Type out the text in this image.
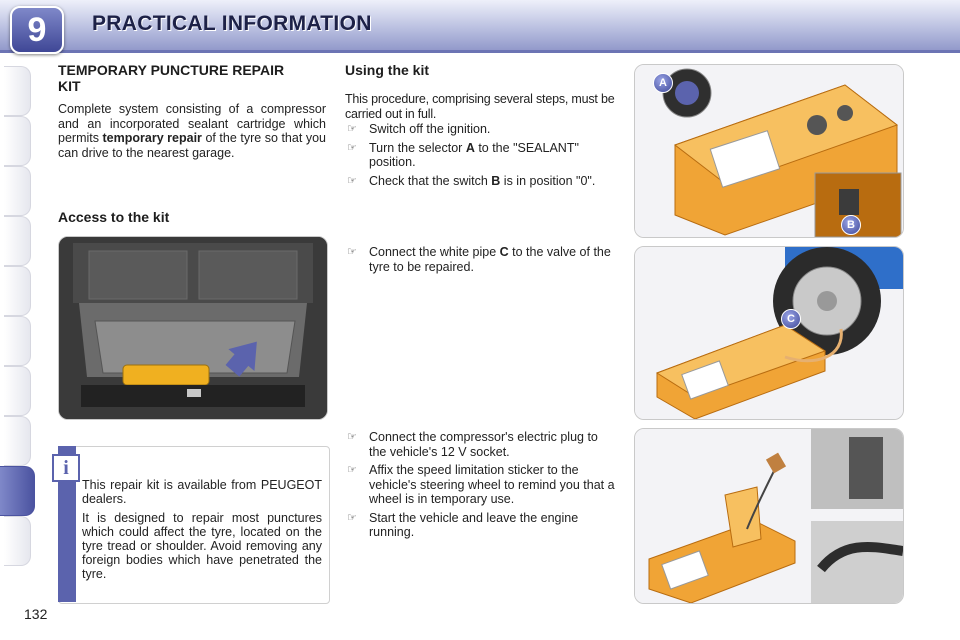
9	PRACTICAL INFORMATION
TEMPORARY PUNCTURE REPAIR KIT
Complete system consisting of a compressor and an incorporated sealant cartridge which permits temporary repair of the tyre so that you can drive to the nearest garage.
Access to the kit
i

This repair kit is available from PEUGEOT dealers.

It is designed to repair most punctures which could affect the tyre, located on the tyre tread or shoulder. Avoid removing any foreign bodies which have penetrated the tyre.

Using the kit
This procedure, comprising several steps, must be carried out in full.
☞ Switch off the ignition.
☞ Turn the selector A to the "SEALANT" position.
☞ Check that the switch B is in position "0".
☞ Connect the white pipe C to the valve of the tyre to be repaired.
☞ Connect the compressor's electric plug to the vehicle's 12 V socket.
☞ Affix the speed limitation sticker to the vehicle's steering wheel to remind you that a wheel is in temporary use.
☞ Start the vehicle and leave the engine running.
A
B
C
132
